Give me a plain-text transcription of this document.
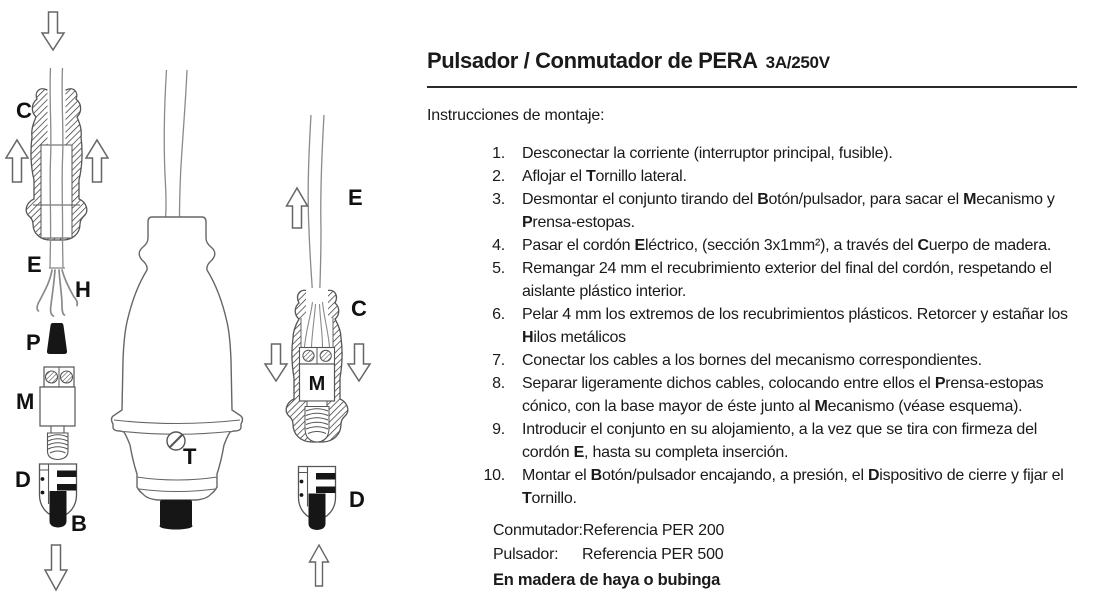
C
E
H
P
M
D
B
T
E
C
M
D
Pulsador / Conmutador de PERA 3A/250V
Instrucciones de montaje:
1. Desconectar la corriente (interruptor principal, fusible).
2. Aflojar el Tornillo lateral.
3. Desmontar el conjunto tirando del Botón/pulsador, para sacar el Mecanismo y Prensa-estopas.
4. Pasar el cordón Eléctrico, (sección 3x1mm²), a través del Cuerpo de madera.
5. Remangar 24 mm el recubrimiento exterior del final del cordón, respetando el aislante plástico interior.
6. Pelar 4 mm los extremos de los recubrimientos plásticos. Retorcer y estañar los Hilos metálicos
7. Conectar los cables a los bornes del mecanismo correspondientes.
8. Separar ligeramente dichos cables, colocando entre ellos el Prensa-estopas cónico, con la base mayor de éste junto al Mecanismo (véase esquema).
9. Introducir el conjunto en su alojamiento, a la vez que se tira con firmeza del cordón E, hasta su completa inserción.
10. Montar el Botón/pulsador encajando, a presión, el Dispositivo de cierre y fijar el Tornillo.
Conmutador: Referencia PER 200
Pulsador:	Referencia PER 500
En madera de haya o bubinga
